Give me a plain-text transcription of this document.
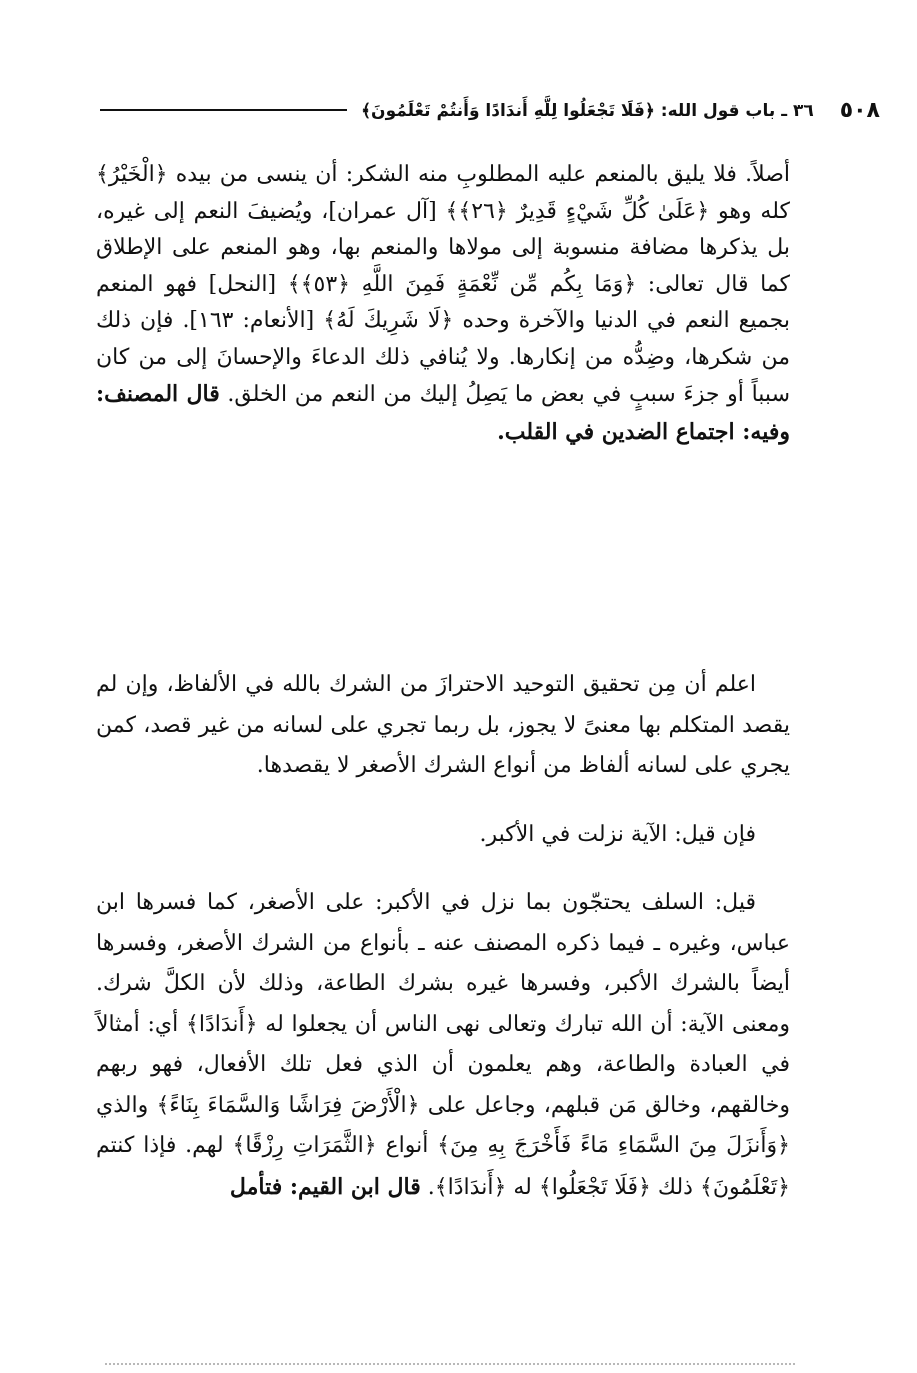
٥٠٨
٣٦ ـ باب قول الله: ﴿فَلَا تَجْعَلُوا لِلَّهِ أَندَادًا وَأَنتُمْ تَعْلَمُونَ﴾

أصلاً. فلا يليق بالمنعم عليه المطلوبِ منه الشكر: أن ينسى من بيده ﴿الْخَيْرُ﴾ كله وهو ﴿عَلَىٰ كُلِّ شَيْءٍ قَدِيرٌ ﴿٢٦﴾﴾ [آل عمران]، ويُضيفَ النعم إلى غيره، بل يذكرها مضافة منسوبة إلى مولاها والمنعم بها، وهو المنعم على الإطلاق كما قال تعالى: ﴿وَمَا بِكُم مِّن نِّعْمَةٍ فَمِنَ اللَّهِ ﴿٥٣﴾﴾ [النحل] فهو المنعم بجميع النعم في الدنيا والآخرة وحده ﴿لَا شَرِيكَ لَهُ﴾ [الأنعام: ١٦٣]. فإن ذلك من شكرها، وضِدُّه من إنكارها. ولا يُنافي ذلك الدعاءَ والإحسانَ إلى من كان سبباً أو جزءَ سببٍ في بعض ما يَصِلُ إليك من النعم من الخلق. قال المصنف: وفيه: اجتماع الضدين في القلب.

اعلم أن مِن تحقيق التوحيد الاحترازَ من الشرك بالله في الألفاظ، وإن لم يقصد المتكلم بها معنىً لا يجوز، بل ربما تجري على لسانه من غير قصد، كمن يجري على لسانه ألفاظ من أنواع الشرك الأصغر لا يقصدها.

فإن قيل: الآية نزلت في الأكبر.

قيل: السلف يحتجّون بما نزل في الأكبر: على الأصغر، كما فسرها ابن عباس، وغيره ـ فيما ذكره المصنف عنه ـ بأنواع من الشرك الأصغر، وفسرها أيضاً بالشرك الأكبر، وفسرها غيره بشرك الطاعة، وذلك لأن الكلَّ شرك. ومعنى الآية: أن الله تبارك وتعالى نهى الناس أن يجعلوا له ﴿أَندَادًا﴾ أي: أمثالاً في العبادة والطاعة، وهم يعلمون أن الذي فعل تلك الأفعال، فهو ربهم وخالقهم، وخالق مَن قبلهم، وجاعل على ﴿الْأَرْضَ فِرَاشًا وَالسَّمَاءَ بِنَاءً﴾ والذي ﴿وَأَنزَلَ مِنَ السَّمَاءِ مَاءً فَأَخْرَجَ بِهِ مِنَ﴾ أنواع ﴿الثَّمَرَاتِ رِزْقًا﴾ لهم. فإذا كنتم ﴿تَعْلَمُونَ﴾ ذلك ﴿فَلَا تَجْعَلُوا﴾ له ﴿أَندَادًا﴾. قال ابن القيم: فتأمل
